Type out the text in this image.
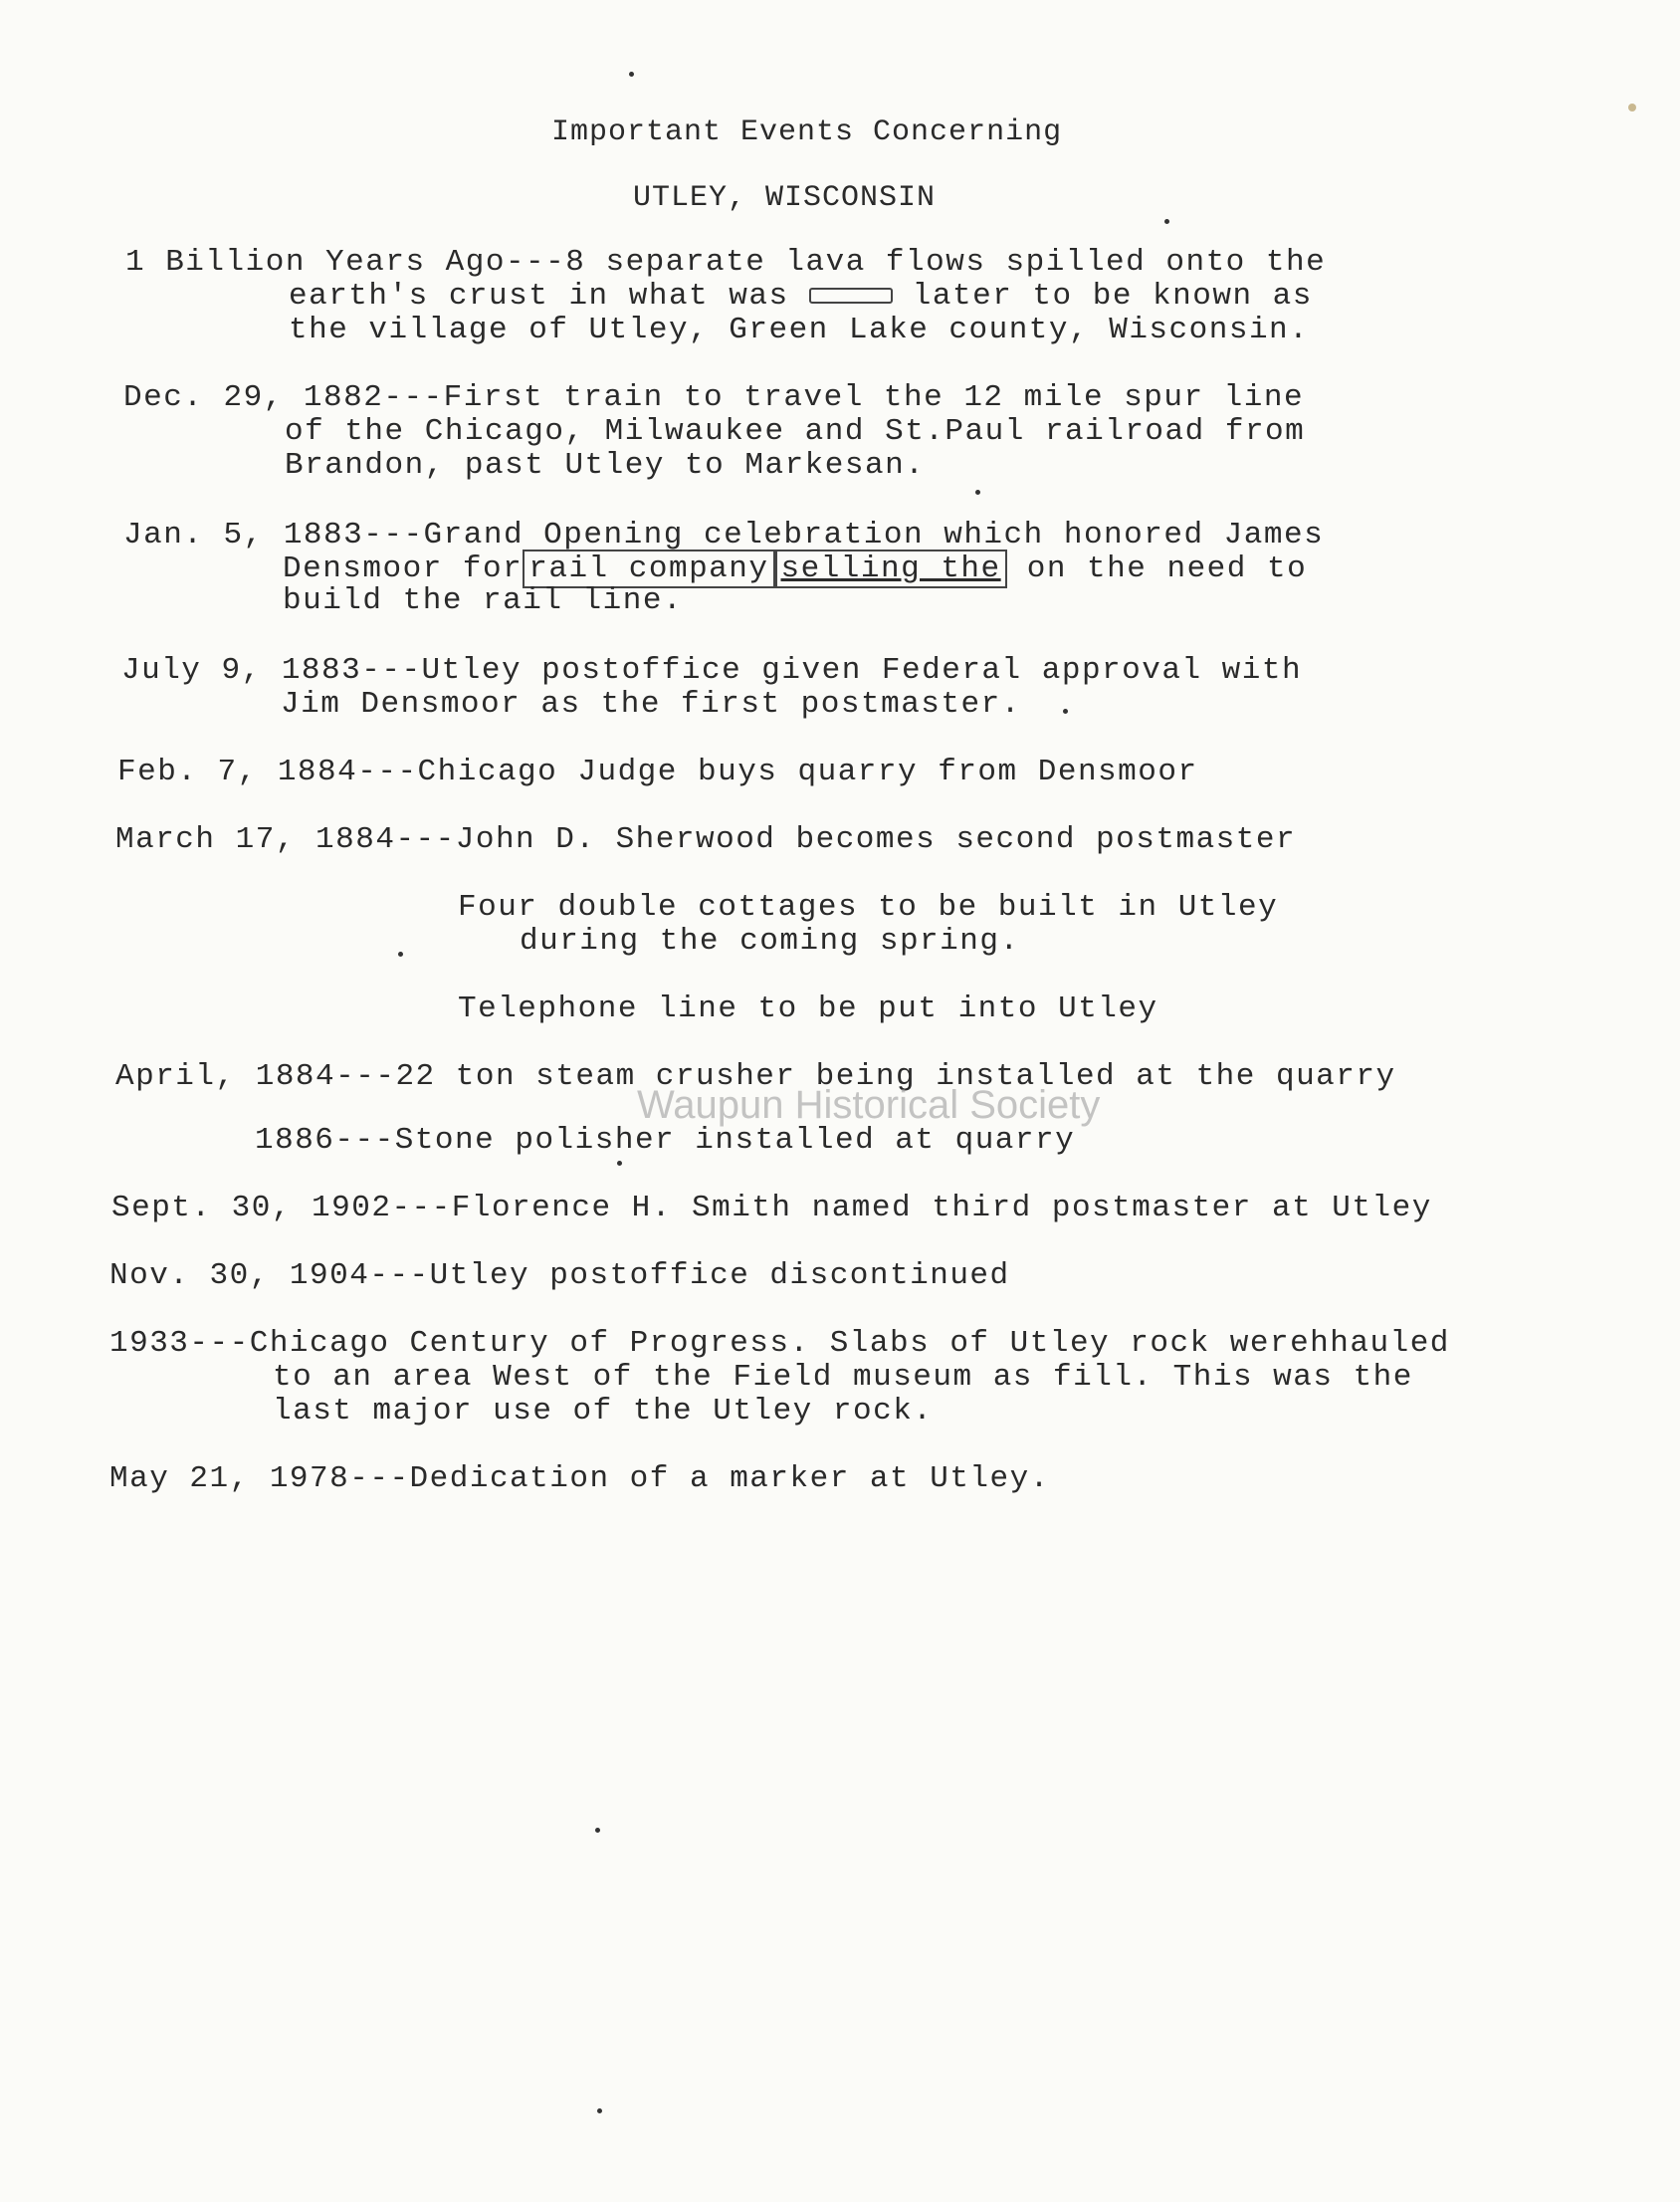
Important Events Concerning
UTLEY, WISCONSIN
1 Billion Years Ago---8 separate lava flows spilled onto the
earth's crust in what was	later to be known as
the village of Utley, Green Lake county, Wisconsin.
Dec. 29, 1882---First train to travel the 12 mile spur line
of the Chicago, Milwaukee and St.Paul railroad from
Brandon, past Utley to Markesan.
Jan. 5, 1883---Grand Opening celebration which honored James
Densmoor for rail company selling the on the need to
build the rail line.
July 9, 1883---Utley postoffice given Federal approval with
Jim Densmoor as the first postmaster.
Feb. 7, 1884---Chicago Judge buys quarry from Densmoor
March 17, 1884---John D. Sherwood becomes second postmaster
Four double cottages to be built in Utley
during the coming spring.
Telephone line to be put into Utley
April, 1884---22 ton steam crusher being installed at the quarry
1886---Stone polisher installed at quarry
Sept. 30, 1902---Florence H. Smith named third postmaster at Utley
Nov. 30, 1904---Utley postoffice discontinued
1933---Chicago Century of Progress. Slabs of Utley rock werehhauled
to an area West of the Field museum as fill. This was the
last major use of the Utley rock.
May 21, 1978---Dedication of a marker at Utley.
Waupun Historical Society
